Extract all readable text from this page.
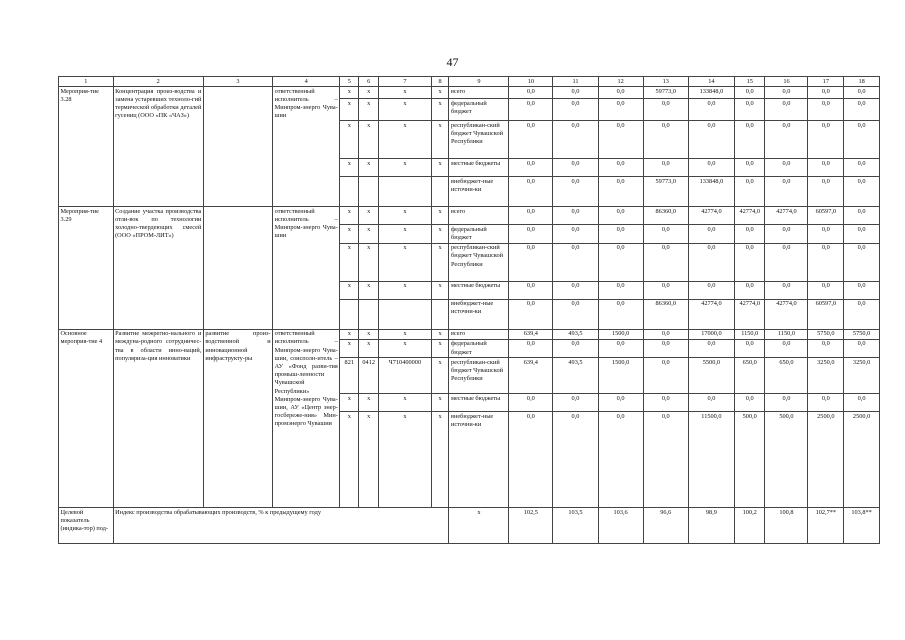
47
1	2	3	4	5	6	7	8	9	10	11	12	13	14	15	16	17	18
Мероприя-тие 3.28	Концентрация произ-водства и замена устаревших техноло-гий термической обработки деталей гусениц (ООО «ПК «ЧАЗ»)		ответственный исполнитель – Минпром-энерго Чува-шии	х	х	х	х	всего	0,0	0,0	0,0	59773,0	133848,0	0,0	0,0	0,0	0,0
				х	х	х	х	федеральный бюджет	0,0	0,0	0,0	0,0	0,0	0,0	0,0	0,0	0,0
				х	х	х	х	республикан-ский бюджет Чувашской Республики	0,0	0,0	0,0	0,0	0,0	0,0	0,0	0,0	0,0
				х	х	х	х	местные бюджеты	0,0	0,0	0,0	0,0	0,0	0,0	0,0	0,0	0,0
								внебюджет-ные источни-ки	0,0	0,0	0,0	59773,0	133848,0	0,0	0,0	0,0	0,0
Мероприя-тие 3.29	Создание участка производства отли-вок по технологии холодно-твердеющих смесей (ООО «ПРОМ-ЛИТ»)		ответственный исполнитель – Минпром-энерго Чува-шии	х	х	х	х	всего	0,0	0,0	0,0	86360,0	42774,0	42774,0	42774,0	60597,0	0,0
				х	х	х	х	федеральный бюджет	0,0	0,0	0,0	0,0	0,0	0,0	0,0	0,0	0,0
				х	х	х	х	республикан-ский бюджет Чувашской Республики	0,0	0,0	0,0	0,0	0,0	0,0	0,0	0,0	0,0
				х	х	х	х	местные бюджеты	0,0	0,0	0,0	0,0	0,0	0,0	0,0	0,0	0,0
								внебюджет-ные источни-ки	0,0	0,0	0,0	86360,0	42774,0	42774,0	42774,0	60597,0	0,0
Основное мероприя-тие 4	Развитие межрегио-нального и междуна-родного сотрудничес-тва в области инно-ваций, популяриза-ция инноватики	развитие произ-водственной и инновационной инфраструкту-ры	ответственный исполнитель – Минпром-энерго Чува-шии, соисполн-итель – АУ «Фонд разви-тия промыш-ленности Чувашской Республики» Минпром-энерго Чува-шии, АУ «Центр энер-госбереже-ния» Мин-промэнерго Чувашии	х	х	х	х	всего	639,4	493,5	1500,0	0,0	17000,0	1150,0	1150,0	5750,0	5750,0
				х	х	х	х	федеральный бюджет	0,0	0,0	0,0	0,0	0,0	0,0	0,0	0,0	0,0
				821	0412	Ч710400000	х	республикан-ский бюджет Чувашской Республики	639,4	493,5	1500,0	0,0	5500,0	650,0	650,0	3250,0	3250,0
				х	х	х	х	местные бюджеты	0,0	0,0	0,0	0,0	0,0	0,0	0,0	0,0	0,0
				х	х	х	х	внебюджет-ные источни-ки	0,0	0,0	0,0	0,0	11500,0	500,0	500,0	2500,0	2500,0
Целевой показатель (индика-тор) под-	Индекс производства обрабатывающих производств, % к предыдущему году							х	102,5	103,5	103,6	96,6	98,9	100,2	100,8	102,7**	103,8**
